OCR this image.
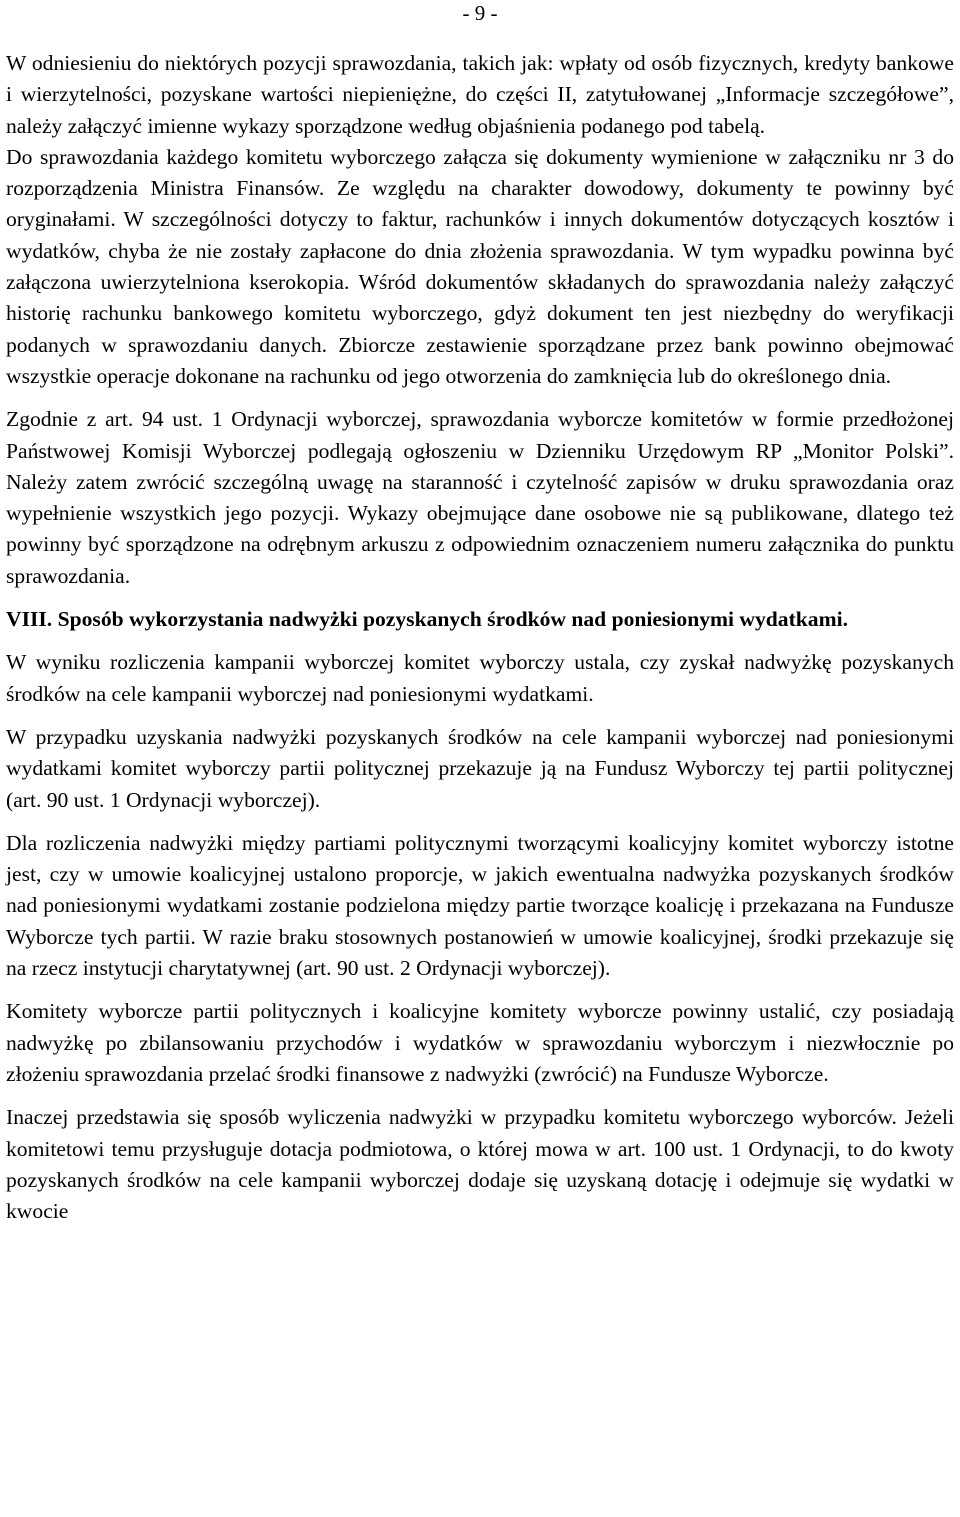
- 9 -

W odniesieniu do niektórych pozycji sprawozdania, takich jak: wpłaty od osób fizycznych, kredyty bankowe i wierzytelności, pozyskane wartości niepieniężne, do części II, zatytułowanej „Informacje szczegółowe”, należy załączyć imienne wykazy sporządzone według objaśnienia podanego pod tabelą.

Do sprawozdania każdego komitetu wyborczego załącza się dokumenty wymienione w załączniku nr 3 do rozporządzenia Ministra Finansów. Ze względu na charakter dowodowy, dokumenty te powinny być oryginałami. W szczególności dotyczy to faktur, rachunków i innych dokumentów dotyczących kosztów i wydatków, chyba że nie zostały zapłacone do dnia złożenia sprawozdania. W tym wypadku powinna być załączona uwierzytelniona kserokopia. Wśród dokumentów składanych do sprawozdania należy załączyć historię rachunku bankowego komitetu wyborczego, gdyż dokument ten jest niezbędny do weryfikacji podanych w sprawozdaniu danych. Zbiorcze zestawienie sporządzane przez bank powinno obejmować wszystkie operacje dokonane na rachunku od jego otworzenia do zamknięcia lub do określonego dnia.

Zgodnie z art. 94 ust. 1 Ordynacji wyborczej, sprawozdania wyborcze komitetów w formie przedłożonej Państwowej Komisji Wyborczej podlegają ogłoszeniu w Dzienniku Urzędowym RP „Monitor Polski”. Należy zatem zwrócić szczególną uwagę na staranność i czytelność zapisów w druku sprawozdania oraz wypełnienie wszystkich jego pozycji. Wykazy obejmujące dane osobowe nie są publikowane, dlatego też powinny być sporządzone na odrębnym arkuszu z odpowiednim oznaczeniem numeru załącznika do punktu sprawozdania.

VIII. Sposób wykorzystania nadwyżki pozyskanych środków nad poniesionymi wydatkami.

W wyniku rozliczenia kampanii wyborczej komitet wyborczy ustala, czy zyskał nadwyżkę pozyskanych środków na cele kampanii wyborczej nad poniesionymi wydatkami.

W przypadku uzyskania nadwyżki pozyskanych środków na cele kampanii wyborczej nad poniesionymi wydatkami komitet wyborczy partii politycznej przekazuje ją na Fundusz Wyborczy tej partii politycznej (art. 90 ust. 1 Ordynacji wyborczej).

Dla rozliczenia nadwyżki między partiami politycznymi tworzącymi koalicyjny komitet wyborczy istotne jest, czy w umowie koalicyjnej ustalono proporcje, w jakich ewentualna nadwyżka pozyskanych środków nad poniesionymi wydatkami zostanie podzielona między partie tworzące koalicję i przekazana na Fundusze Wyborcze tych partii. W razie braku stosownych postanowień w umowie koalicyjnej, środki przekazuje się na rzecz instytucji charytatywnej (art. 90 ust. 2 Ordynacji wyborczej).

Komitety wyborcze partii politycznych i koalicyjne komitety wyborcze powinny ustalić, czy posiadają nadwyżkę po zbilansowaniu przychodów i wydatków w sprawozdaniu wyborczym i niezwłocznie po złożeniu sprawozdania przelać środki finansowe z nadwyżki (zwrócić) na Fundusze Wyborcze.

Inaczej przedstawia się sposób wyliczenia nadwyżki w przypadku komitetu wyborczego wyborców. Jeżeli komitetowi temu przysługuje dotacja podmiotowa, o której mowa w art. 100 ust. 1 Ordynacji, to do kwoty pozyskanych środków na cele kampanii wyborczej dodaje się uzyskaną dotację i odejmuje się wydatki w kwocie
